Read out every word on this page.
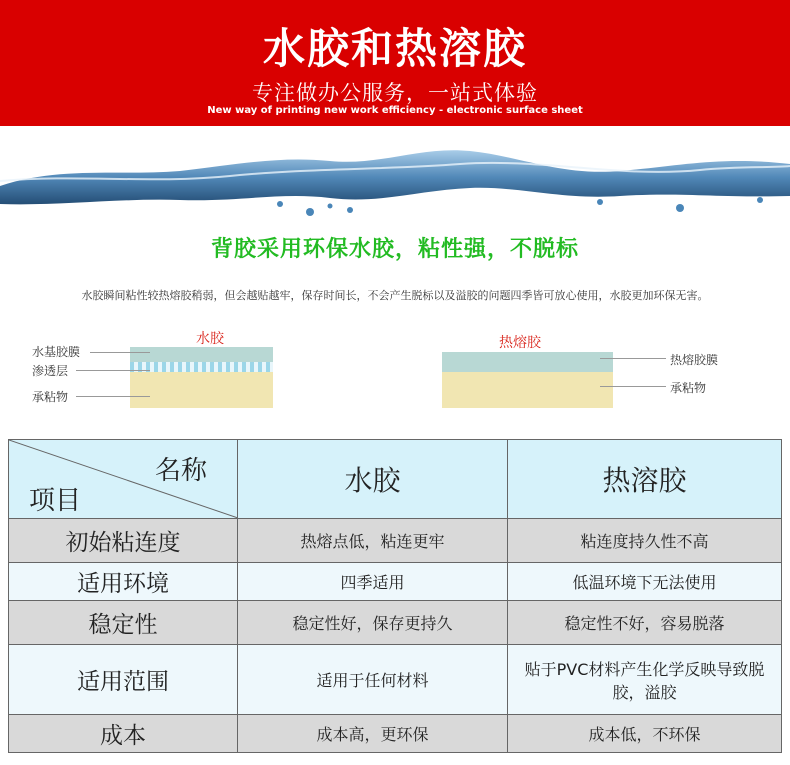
水胶和热溶胶
专注做办公服务，一站式体验
New way of printing new work efficiency - electronic surface sheet
背胶采用环保水胶，粘性强，不脱标
水胶瞬间粘性较热熔胶稍弱，但会越贴越牢，保存时间长，不会产生脱标以及溢胶的问题四季皆可放心使用，水胶更加环保无害。
水胶
水基胶膜
渗透层
承粘物
热熔胶
热熔胶膜
承粘物
名称
项目	水胶	热溶胶
初始粘连度	热熔点低，粘连更牢	粘连度持久性不高
适用环境	四季适用	低温环境下无法使用
稳定性	稳定性好，保存更持久	稳定性不好，容易脱落
适用范围	适用于任何材料	贴于PVC材料产生化学反映导致脱胶，溢胶
成本	成本高，更环保	成本低，不环保
